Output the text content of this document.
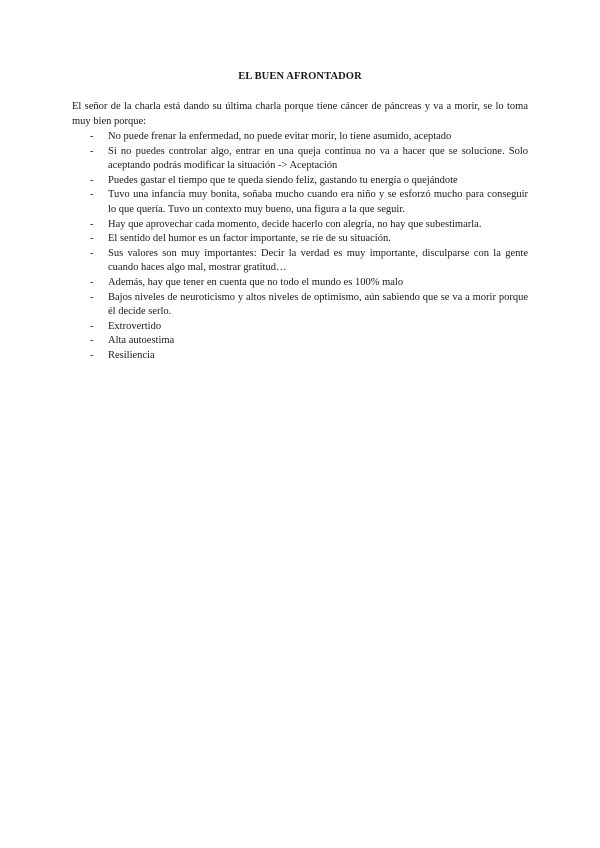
EL BUEN AFRONTADOR

El señor de la charla está dando su última charla porque tiene cáncer de páncreas y va a morir, se lo toma muy bien porque:

- No puede frenar la enfermedad, no puede evitar morir, lo tiene asumido, aceptado
- Si no puedes controlar algo, entrar en una queja continua no va a hacer que se solucione. Solo aceptando podrás modificar la situación -> Aceptación
- Puedes gastar el tiempo que te queda siendo feliz, gastando tu energía o quejándote
- Tuvo una infancia muy bonita, soñaba mucho cuando era niño y se esforzó mucho para conseguir lo que quería. Tuvo un contexto muy bueno, una figura a la que seguir.
- Hay que aprovechar cada momento, decide hacerlo con alegría, no hay que subestimarla.
- El sentido del humor es un factor importante, se ríe de su situación.
- Sus valores son muy importantes: Decir la verdad es muy importante, disculparse con la gente cuando haces algo mal, mostrar gratitud…
- Además, hay que tener en cuenta que no todo el mundo es 100% malo
- Bajos niveles de neuroticismo y altos niveles de optimismo, aún sabiendo que se va a morir porque él decide serlo.
- Extrovertido
- Alta autoestima
- Resiliencia
